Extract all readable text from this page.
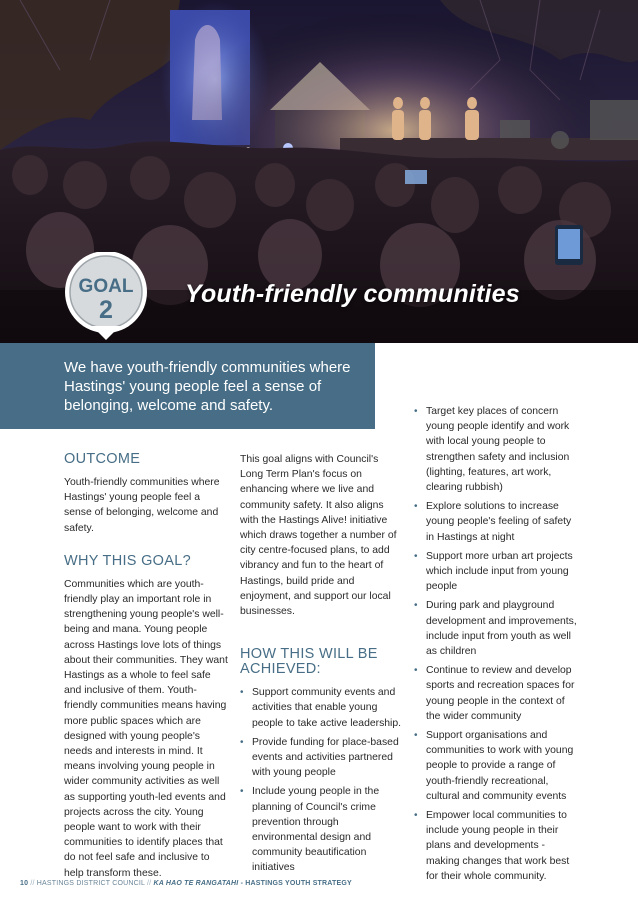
GOAL
2
Youth-friendly communities
We have youth-friendly communities where Hastings' young people feel a sense of belonging, welcome and safety.
OUTCOME

Youth-friendly communities where Hastings' young people feel a sense of belonging, welcome and safety.

WHY THIS GOAL?

Communities which are youth-friendly play an important role in strengthening young people's well-being and mana. Young people across Hastings love lots of things about their communities. They want Hastings as a whole to feel safe and inclusive of them. Youth-friendly communities means having more public spaces which are designed with young people's needs and interests in mind. It means involving young people in wider community activities as well as supporting youth-led events and projects across the city. Young people want to work with their communities to identify places that do not feel safe and inclusive to help transform these.

This goal aligns with Council's Long Term Plan's focus on enhancing where we live and community safety. It also aligns with the Hastings Alive! initiative which draws together a number of city centre-focused plans, to add vibrancy and fun to the heart of Hastings, build pride and enjoyment, and support our local businesses.

HOW THIS WILL BE ACHIEVED:
• Support community events and activities that enable young people to take active leadership.
• Provide funding for place-based events and activities partnered with young people
• Include young people in the planning of Council's crime prevention through environmental design and community beautification initiatives
• Target key places of concern young people identify and work with local young people to strengthen safety and inclusion (lighting, features, art work, clearing rubbish)
• Explore solutions to increase young people's feeling of safety in Hastings at night
• Support more urban art projects which include input from young people
• During park and playground development and improvements, include input from youth as well as children
• Continue to review and develop sports and recreation spaces for young people in the context of the wider community
• Support organisations and communities to work with young people to provide a range of youth-friendly recreational, cultural and community events
• Empower local communities to include young people in their plans and developments - making changes that work best for their whole community.
10 // HASTINGS DISTRICT COUNCIL // KA HAO TE RANGATAHI - HASTINGS YOUTH STRATEGY
